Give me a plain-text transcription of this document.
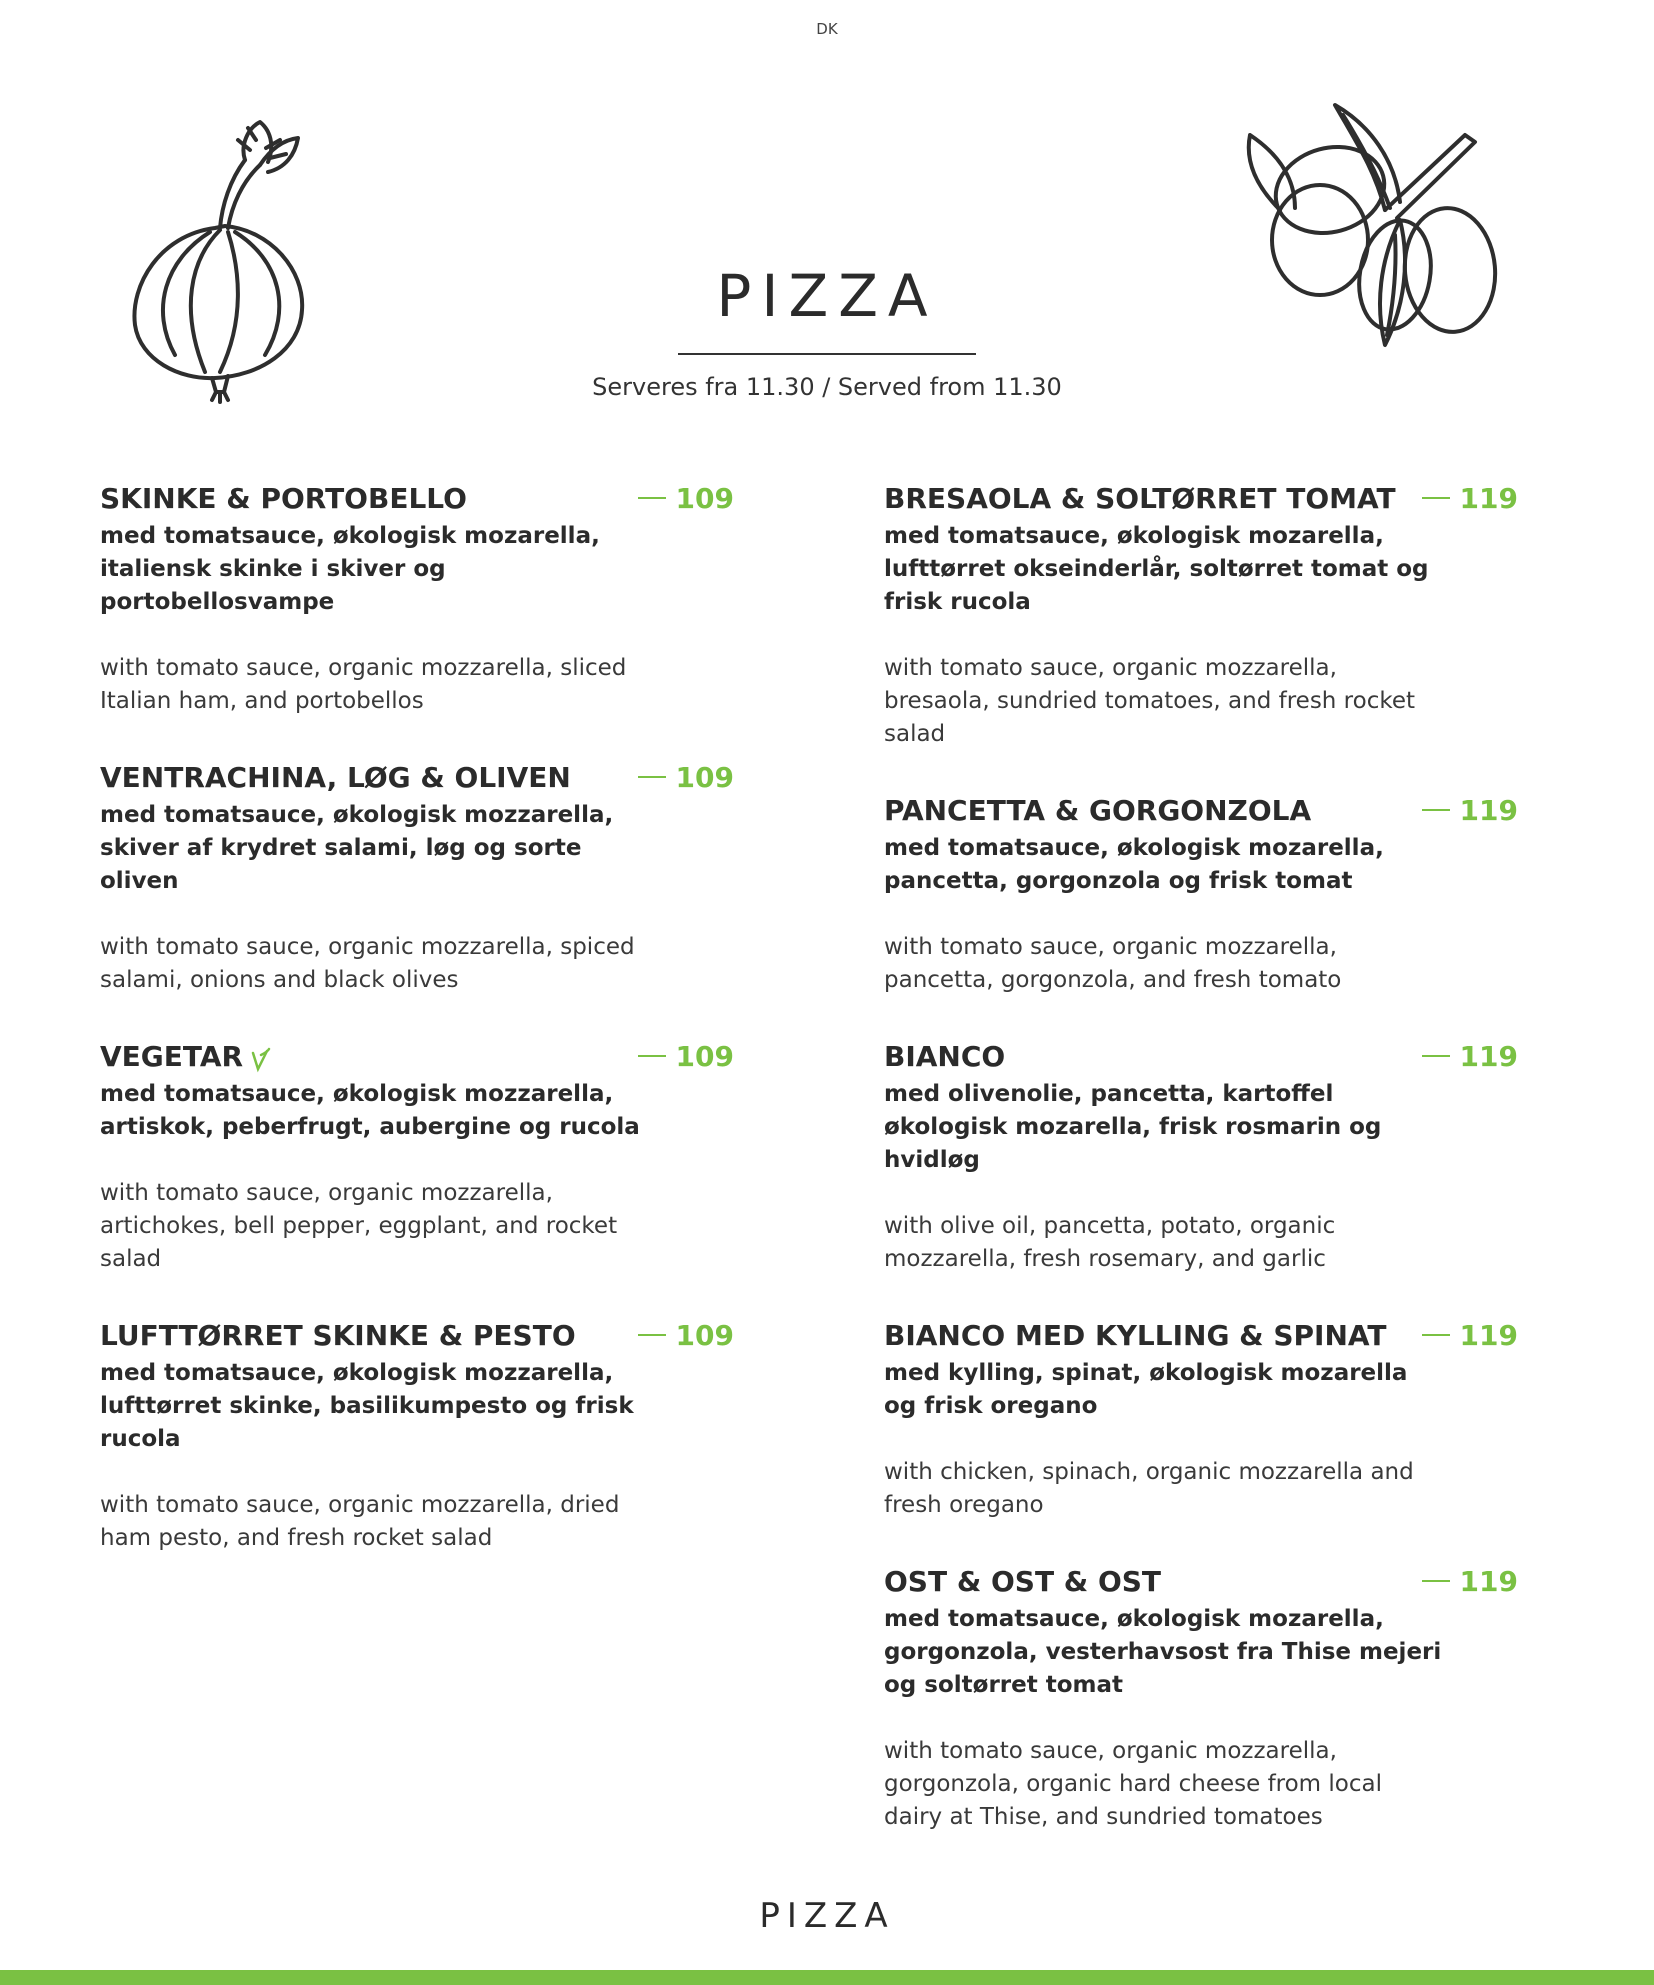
DK
PIZZA
Serveres fra 11.30 / Served from 11.30
SKINKE & PORTOBELLO	109
med tomatsauce, økologisk mozarella, italiensk skinke i skiver og portobellosvampe
with tomato sauce, organic mozzarella, sliced Italian ham, and portobellos
VENTRACHINA, LØG & OLIVEN	109
med tomatsauce, økologisk mozzarella, skiver af krydret salami, løg og sorte oliven
with tomato sauce, organic mozzarella, spiced salami, onions and black olives
VEGETAR	109
med tomatsauce, økologisk mozzarella, artiskok, peberfrugt, aubergine og rucola
with tomato sauce, organic mozzarella, artichokes, bell pepper, eggplant, and rocket salad
LUFTTØRRET SKINKE & PESTO	109
med tomatsauce, økologisk mozzarella, lufttørret skinke, basilikumpesto og frisk rucola
with tomato sauce, organic mozzarella, dried ham pesto, and fresh rocket salad
BRESAOLA & SOLTØRRET TOMAT	119
med tomatsauce, økologisk mozarella, lufttørret okseinderlår, soltørret tomat og frisk rucola
with tomato sauce, organic mozzarella, bresaola, sundried tomatoes, and fresh rocket salad
PANCETTA & GORGONZOLA	119
med tomatsauce, økologisk mozarella, pancetta, gorgonzola og frisk tomat
with tomato sauce, organic mozzarella, pancetta, gorgonzola, and fresh tomato
BIANCO	119
med olivenolie, pancetta, kartoffel økologisk mozarella, frisk rosmarin og hvidløg
with olive oil, pancetta, potato, organic mozzarella, fresh rosemary, and garlic
BIANCO MED KYLLING & SPINAT	119
med kylling, spinat, økologisk mozarella og frisk oregano
with chicken, spinach, organic mozzarella and fresh oregano
OST & OST & OST	119
med tomatsauce, økologisk mozarella, gorgonzola, vesterhavsost fra Thise mejeri og soltørret tomat
with tomato sauce, organic mozzarella, gorgonzola, organic hard cheese from local dairy at Thise, and sundried tomatoes
PIZZA
